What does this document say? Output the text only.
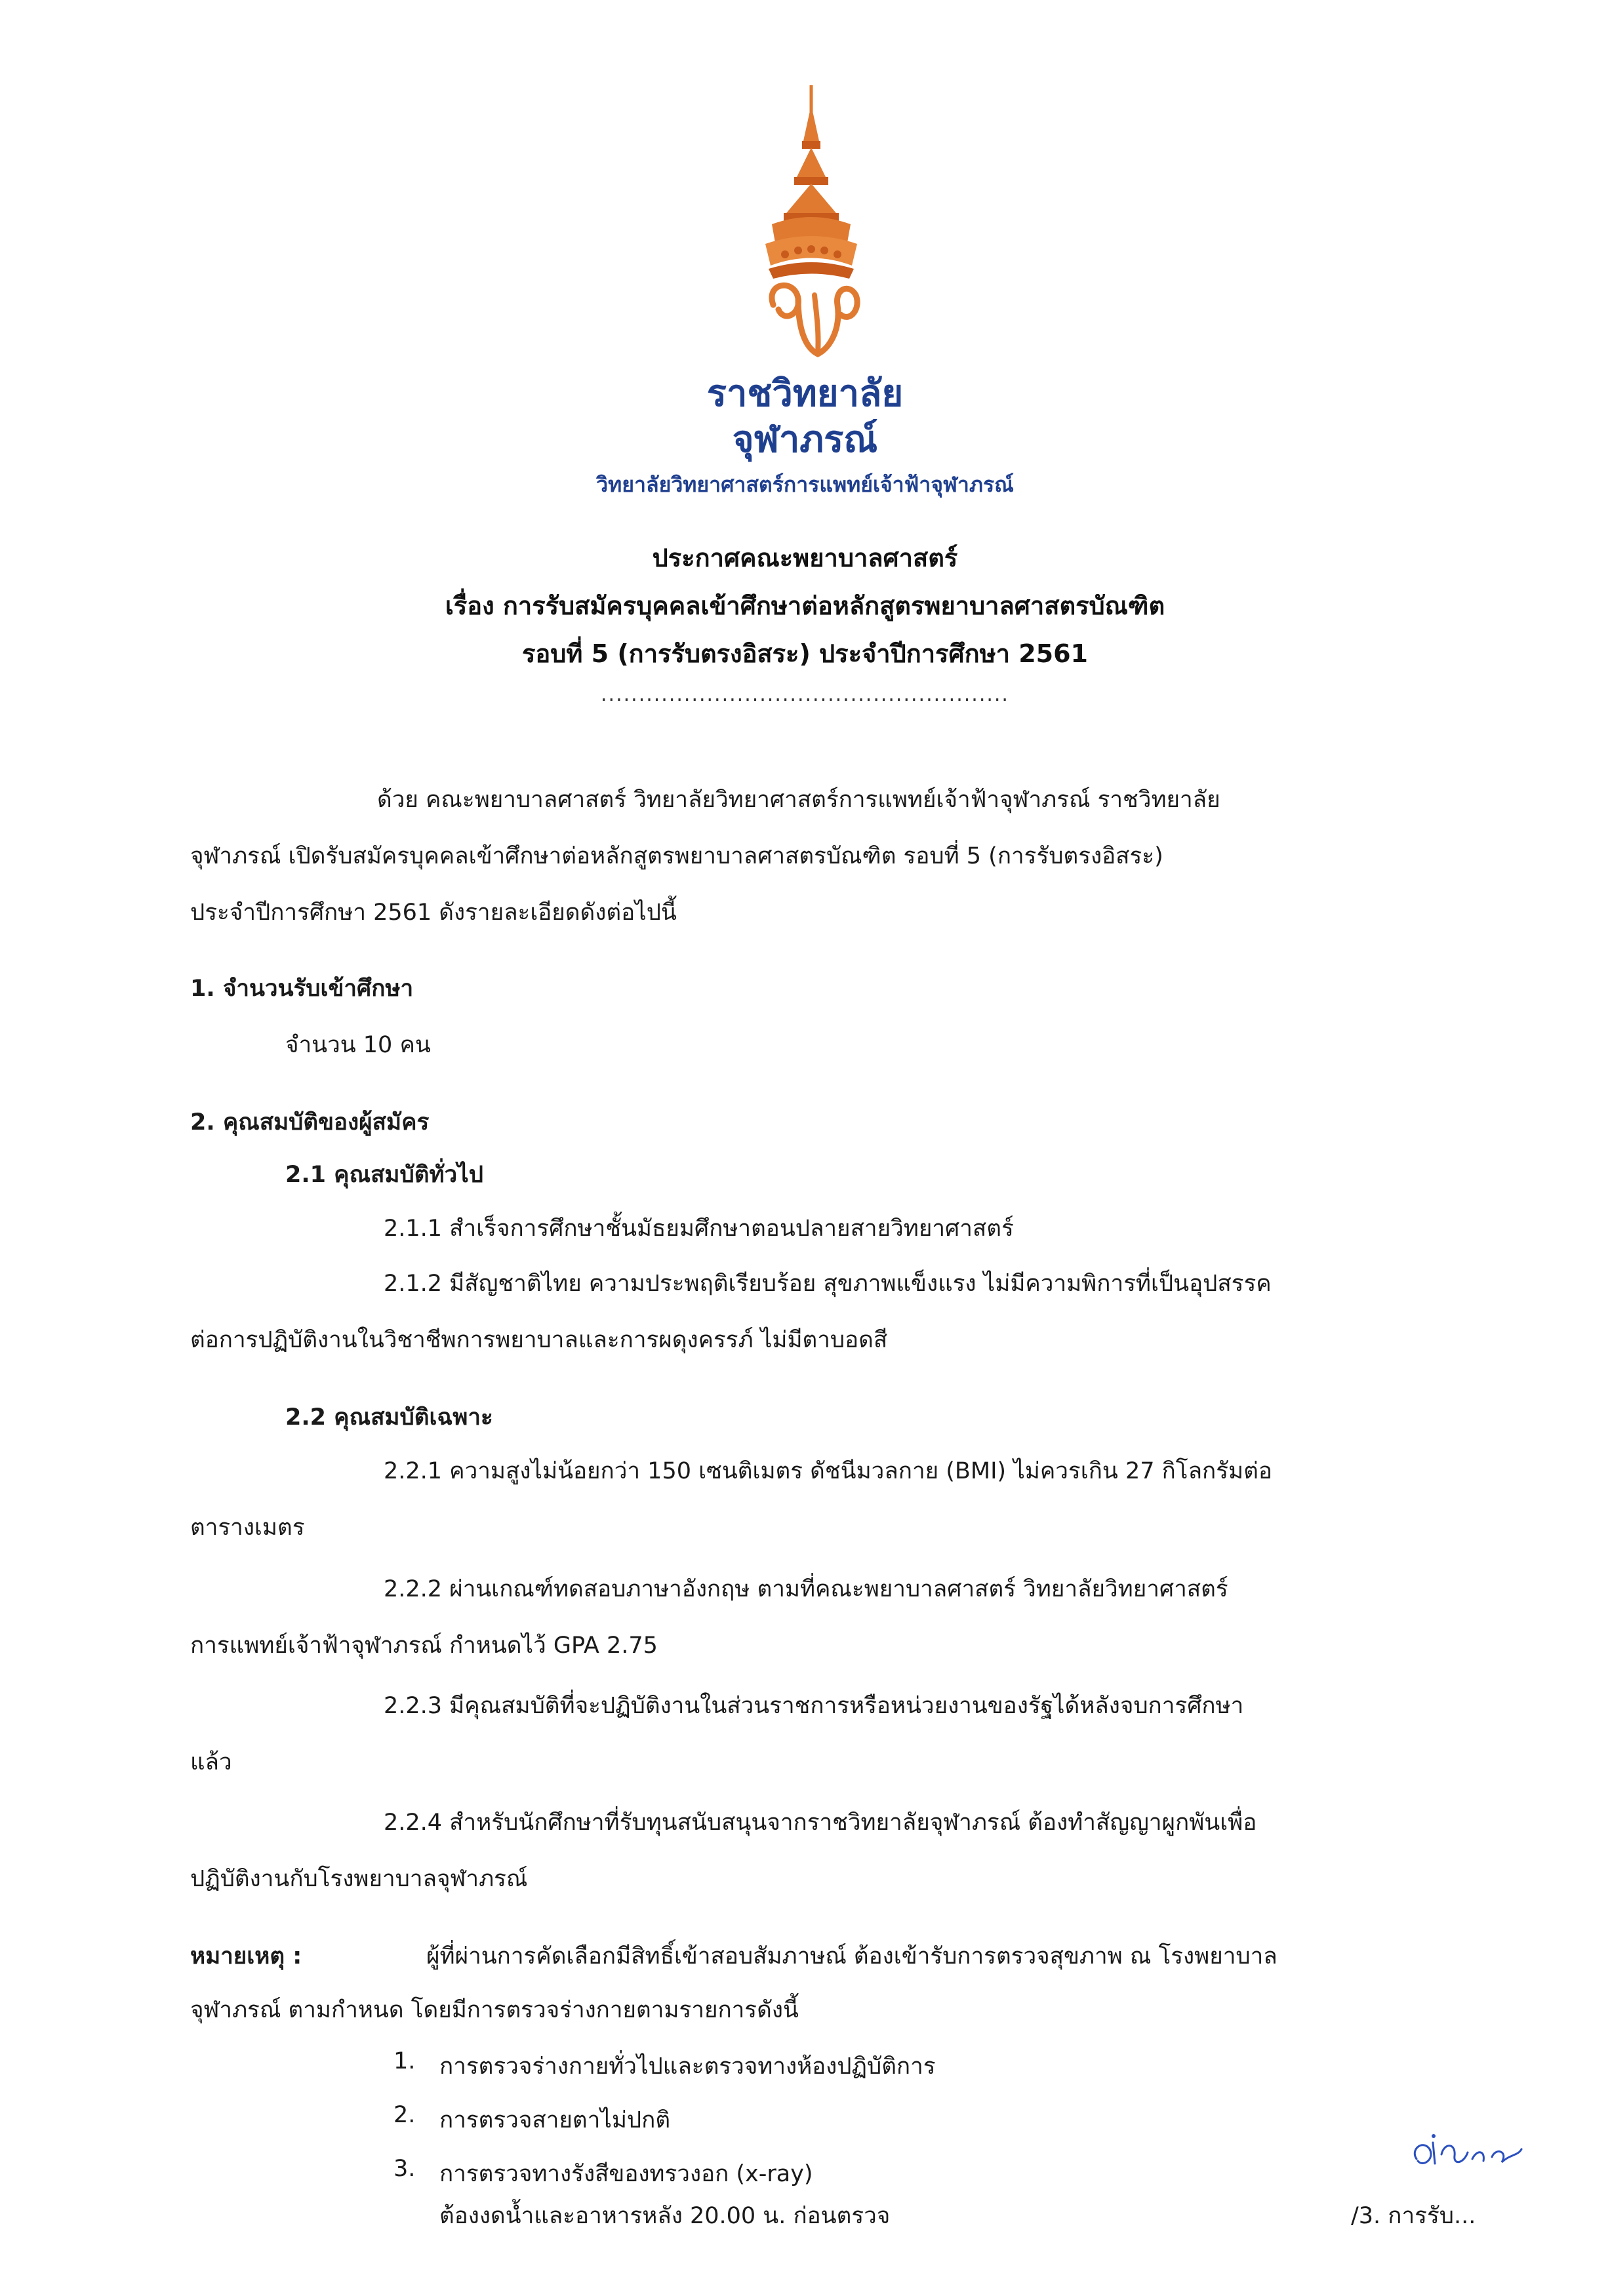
ราชวิทยาลัย
จุฬาภรณ์
วิทยาลัยวิทยาศาสตร์การแพทย์เจ้าฟ้าจุฬาภรณ์
ประกาศคณะพยาบาลศาสตร์
เรื่อง การรับสมัครบุคคลเข้าศึกษาต่อหลักสูตรพยาบาลศาสตรบัณฑิต
รอบที่ 5 (การรับตรงอิสระ) ประจำปีการศึกษา 2561
......................................................
ด้วย คณะพยาบาลศาสตร์ วิทยาลัยวิทยาศาสตร์การแพทย์เจ้าฟ้าจุฬาภรณ์ ราชวิทยาลัย
จุฬาภรณ์ เปิดรับสมัครบุคคลเข้าศึกษาต่อหลักสูตรพยาบาลศาสตรบัณฑิต รอบที่ 5 (การรับตรงอิสระ)
ประจำปีการศึกษา 2561 ดังรายละเอียดดังต่อไปนี้
1. จำนวนรับเข้าศึกษา
จำนวน 10 คน
2. คุณสมบัติของผู้สมัคร
2.1 คุณสมบัติทั่วไป
2.1.1 สำเร็จการศึกษาชั้นมัธยมศึกษาตอนปลายสายวิทยาศาสตร์
2.1.2 มีสัญชาติไทย ความประพฤติเรียบร้อย สุขภาพแข็งแรง ไม่มีความพิการที่เป็นอุปสรรค
ต่อการปฏิบัติงานในวิชาชีพการพยาบาลและการผดุงครรภ์ ไม่มีตาบอดสี
2.2 คุณสมบัติเฉพาะ
2.2.1 ความสูงไม่น้อยกว่า 150 เซนติเมตร ดัชนีมวลกาย (BMI) ไม่ควรเกิน 27 กิโลกรัมต่อ
ตารางเมตร
2.2.2 ผ่านเกณฑ์ทดสอบภาษาอังกฤษ ตามที่คณะพยาบาลศาสตร์ วิทยาลัยวิทยาศาสตร์
การแพทย์เจ้าฟ้าจุฬาภรณ์ กำหนดไว้ GPA 2.75
2.2.3 มีคุณสมบัติที่จะปฏิบัติงานในส่วนราชการหรือหน่วยงานของรัฐได้หลังจบการศึกษา
แล้ว
2.2.4 สำหรับนักศึกษาที่รับทุนสนับสนุนจากราชวิทยาลัยจุฬาภรณ์ ต้องทำสัญญาผูกพันเพื่อ
ปฏิบัติงานกับโรงพยาบาลจุฬาภรณ์
หมายเหตุ :	ผู้ที่ผ่านการคัดเลือกมีสิทธิ์เข้าสอบสัมภาษณ์ ต้องเข้ารับการตรวจสุขภาพ ณ โรงพยาบาล
จุฬาภรณ์ ตามกำหนด โดยมีการตรวจร่างกายตามรายการดังนี้
1. การตรวจร่างกายทั่วไปและตรวจทางห้องปฏิบัติการ
2. การตรวจสายตาไม่ปกติ
3. การตรวจทางรังสีของทรวงอก (x-ray)
ต้องงดน้ำและอาหารหลัง 20.00 น. ก่อนตรวจ	/3. การรับ...
